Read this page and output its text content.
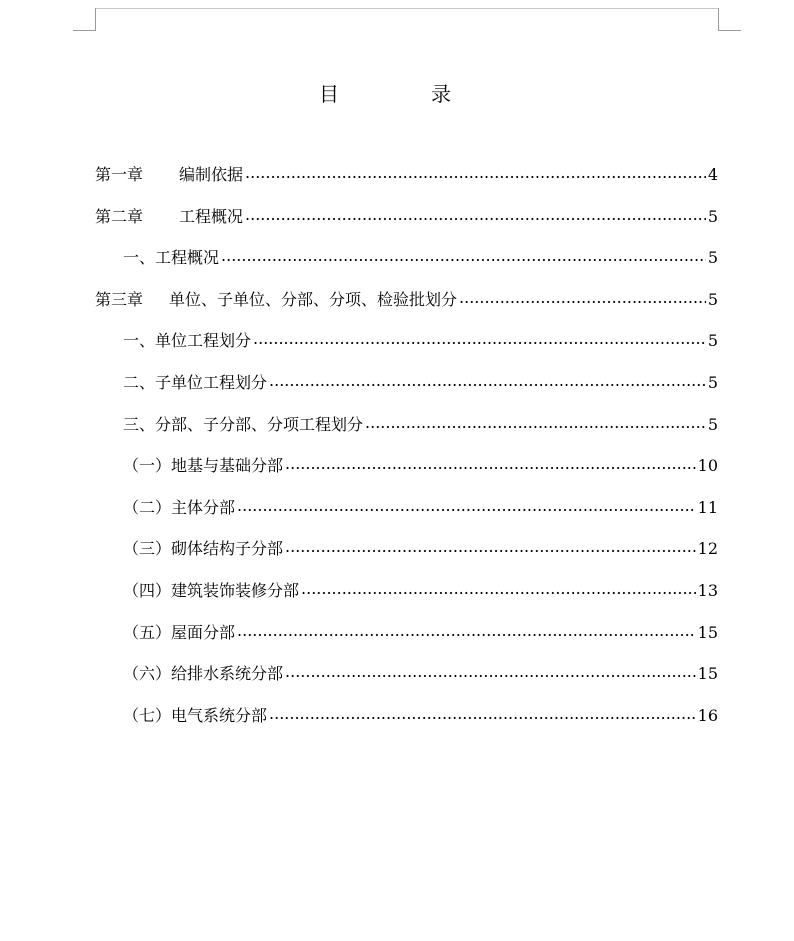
目　录
第一章	编制依据 .....	4
第二章	工程概况 .....	5
一、工程概况 .....	5
第三章	单位、子单位、分部、分项、检验批划分 .....	5
一、单位工程划分 .....	5
二、子单位工程划分 .....	5
三、分部、子分部、分项工程划分 .....	5
（一）地基与基础分部 .....	10
（二）主体分部 .....	11
（三）砌体结构子分部 .....	12
（四）建筑装饰装修分部 .....	13
（五）屋面分部 .....	15
（六）给排水系统分部 .....	15
（七）电气系统分部 .....	16
